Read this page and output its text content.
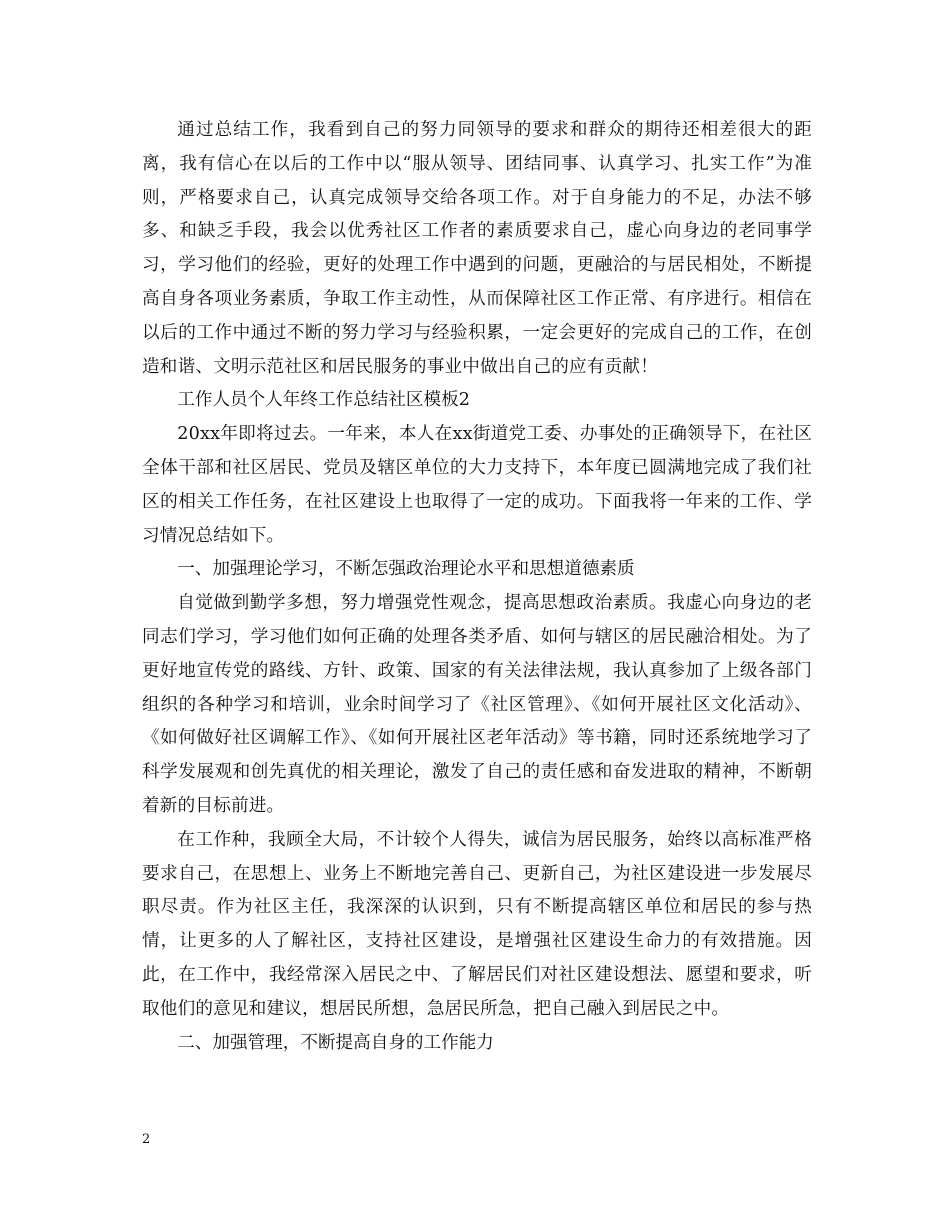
通过总结工作，我看到自己的努力同领导的要求和群众的期待还相差很大的距离，我有信心在以后的工作中以“服从领导、团结同事、认真学习、扎实工作”为准则，严格要求自己，认真完成领导交给各项工作。对于自身能力的不足，办法不够多、和缺乏手段，我会以优秀社区工作者的素质要求自己，虚心向身边的老同事学习，学习他们的经验，更好的处理工作中遇到的问题，更融洽的与居民相处，不断提高自身各项业务素质，争取工作主动性，从而保障社区工作正常、有序进行。相信在以后的工作中通过不断的努力学习与经验积累，一定会更好的完成自己的工作，在创造和谐、文明示范社区和居民服务的事业中做出自己的应有贡献！

工作人员个人年终工作总结社区模板2

20xx年即将过去。一年来，本人在xx街道党工委、办事处的正确领导下，在社区全体干部和社区居民、党员及辖区单位的大力支持下，本年度已圆满地完成了我们社区的相关工作任务，在社区建设上也取得了一定的成功。下面我将一年来的工作、学习情况总结如下。

一、加强理论学习，不断怎强政治理论水平和思想道德素质

自觉做到勤学多想，努力增强党性观念，提高思想政治素质。我虚心向身边的老同志们学习，学习他们如何正确的处理各类矛盾、如何与辖区的居民融洽相处。为了更好地宣传党的路线、方针、政策、国家的有关法律法规，我认真参加了上级各部门组织的各种学习和培训，业余时间学习了《社区管理》、《如何开展社区文化活动》、《如何做好社区调解工作》、《如何开展社区老年活动》等书籍，同时还系统地学习了科学发展观和创先真优的相关理论，激发了自己的责任感和奋发进取的精神，不断朝着新的目标前进。

在工作种，我顾全大局，不计较个人得失，诚信为居民服务，始终以高标准严格要求自己，在思想上、业务上不断地完善自己、更新自己，为社区建设进一步发展尽职尽责。作为社区主任，我深深的认识到，只有不断提高辖区单位和居民的参与热情，让更多的人了解社区，支持社区建设，是增强社区建设生命力的有效措施。因此，在工作中，我经常深入居民之中、了解居民们对社区建设想法、愿望和要求，听取他们的意见和建议，想居民所想，急居民所急，把自己融入到居民之中。

二、加强管理，不断提高自身的工作能力

2
